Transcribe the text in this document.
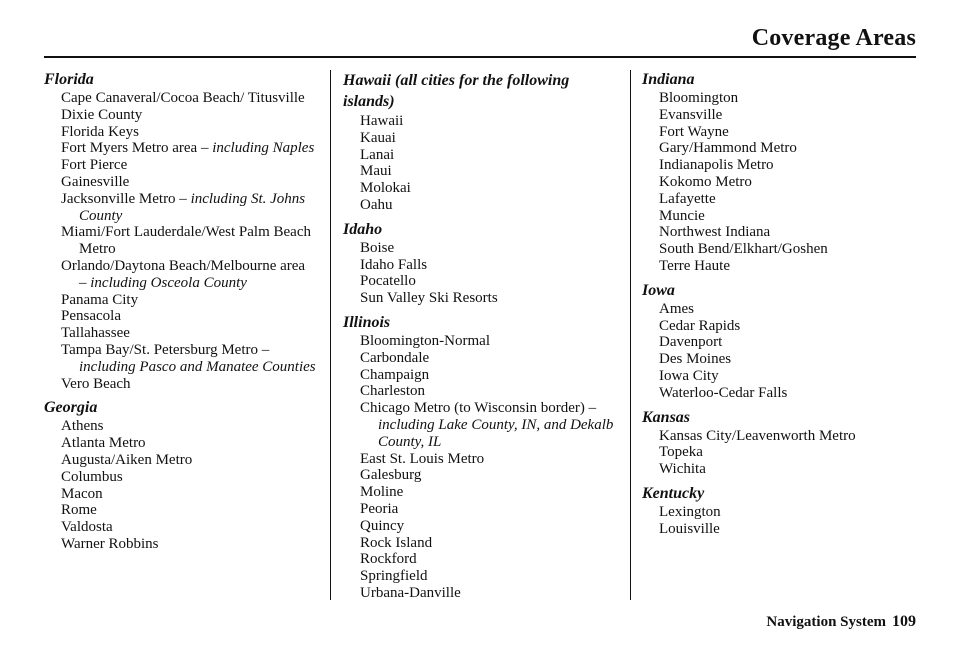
Coverage Areas
Florida
Cape Canaveral/Cocoa Beach/ Titusville
Dixie County
Florida Keys
Fort Myers Metro area – including Naples
Fort Pierce
Gainesville
Jacksonville Metro – including St. Johns County
Miami/Fort Lauderdale/West Palm Beach Metro
Orlando/Daytona Beach/Melbourne area – including Osceola County
Panama City
Pensacola
Tallahassee
Tampa Bay/St. Petersburg Metro – including Pasco and Manatee Counties
Vero Beach
Georgia
Athens
Atlanta Metro
Augusta/Aiken Metro
Columbus
Macon
Rome
Valdosta
Warner Robbins
Hawaii (all cities for the following islands)
Hawaii
Kauai
Lanai
Maui
Molokai
Oahu
Idaho
Boise
Idaho Falls
Pocatello
Sun Valley Ski Resorts
Illinois
Bloomington-Normal
Carbondale
Champaign
Charleston
Chicago Metro (to Wisconsin border) – including Lake County, IN, and Dekalb County, IL
East St. Louis Metro
Galesburg
Moline
Peoria
Quincy
Rock Island
Rockford
Springfield
Urbana-Danville
Indiana
Bloomington
Evansville
Fort Wayne
Gary/Hammond Metro
Indianapolis Metro
Kokomo Metro
Lafayette
Muncie
Northwest Indiana
South Bend/Elkhart/Goshen
Terre Haute
Iowa
Ames
Cedar Rapids
Davenport
Des Moines
Iowa City
Waterloo-Cedar Falls
Kansas
Kansas City/Leavenworth Metro
Topeka
Wichita
Kentucky
Lexington
Louisville
Navigation System 109
